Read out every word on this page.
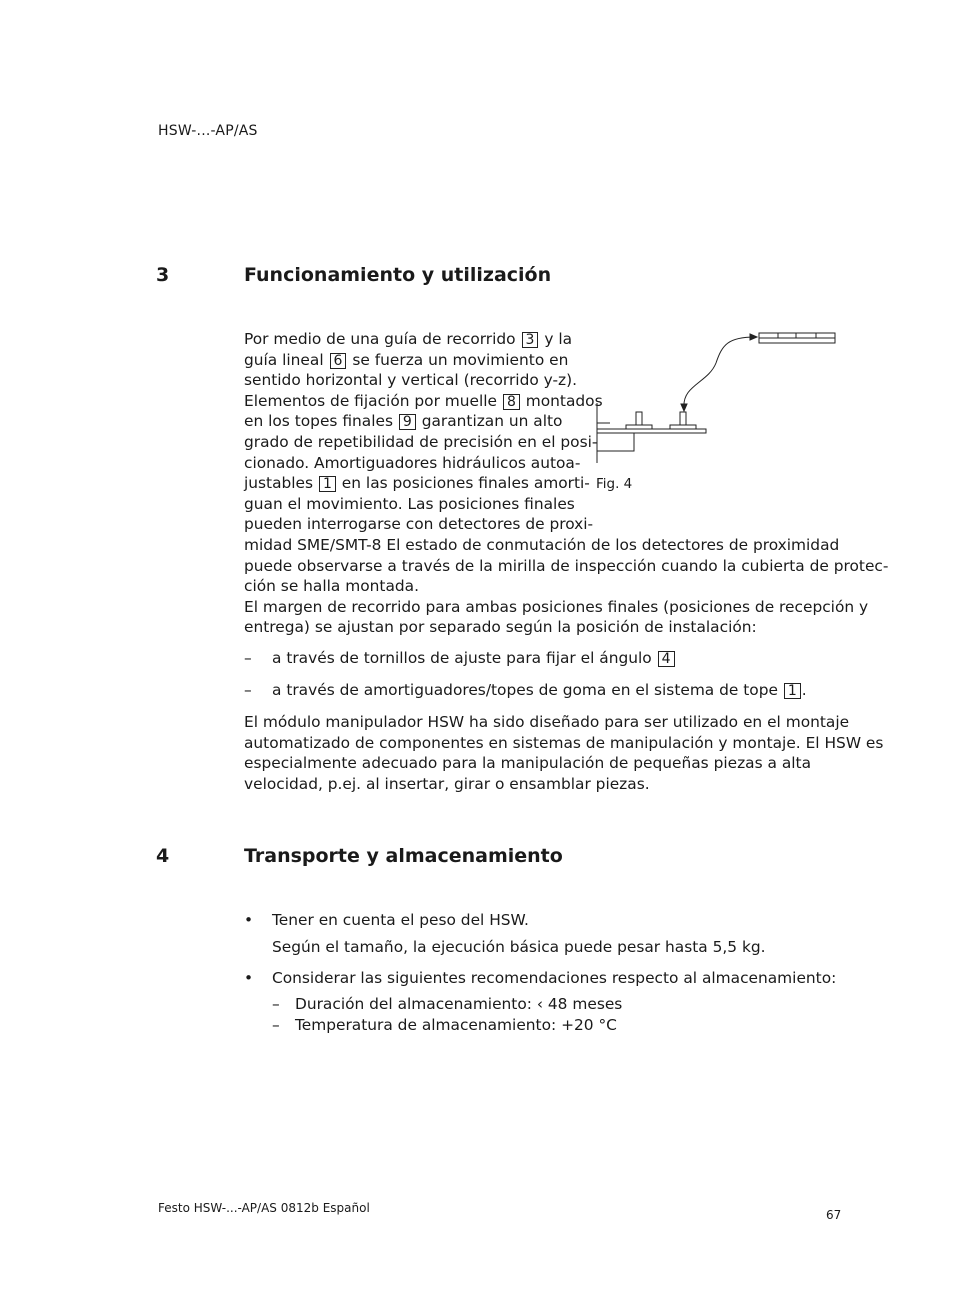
HSW-...-AP/AS
3	Funcionamiento y utilización
Por medio de una guía de recorrido 3 y la
guía lineal 6 se fuerza un movimiento en
sentido horizontal y vertical (recorrido y-z).
Elementos de fijación por muelle 8 montados
en los topes finales 9 garantizan un alto
grado de repetibilidad de precisión en el posi-
cionado. Amortiguadores hidráulicos autoa-
justables 1 en las posiciones finales amorti-
guan el movimiento. Las posiciones finales
pueden interrogarse con detectores de proxi-
midad SME/SMT-8 El estado de conmutación de los detectores de proximidad
puede observarse a través de la mirilla de inspección cuando la cubierta de protec-
ción se halla montada.
El margen de recorrido para ambas posiciones finales (posiciones de recepción y
entrega) se ajustan por separado según la posición de instalación:
Fig. 4
– a través de tornillos de ajuste para fijar el ángulo 4
– a través de amortiguadores/topes de goma en el sistema de tope 1 .
El módulo manipulador HSW ha sido diseñado para ser utilizado en el montaje
automatizado de componentes en sistemas de manipulación y montaje. El HSW es
especialmente adecuado para la manipulación de pequeñas piezas a alta
velocidad, p.ej. al insertar, girar o ensamblar piezas.
4	Transporte y almacenamiento
• Tener en cuenta el peso del HSW.
Según el tamaño, la ejecución básica puede pesar hasta 5,5 kg.
• Considerar las siguientes recomendaciones respecto al almacenamiento:
– Duración del almacenamiento: ‹ 48 meses
– Temperatura de almacenamiento: +20 °C
Festo HSW-...-AP/AS 0812b Español	67
